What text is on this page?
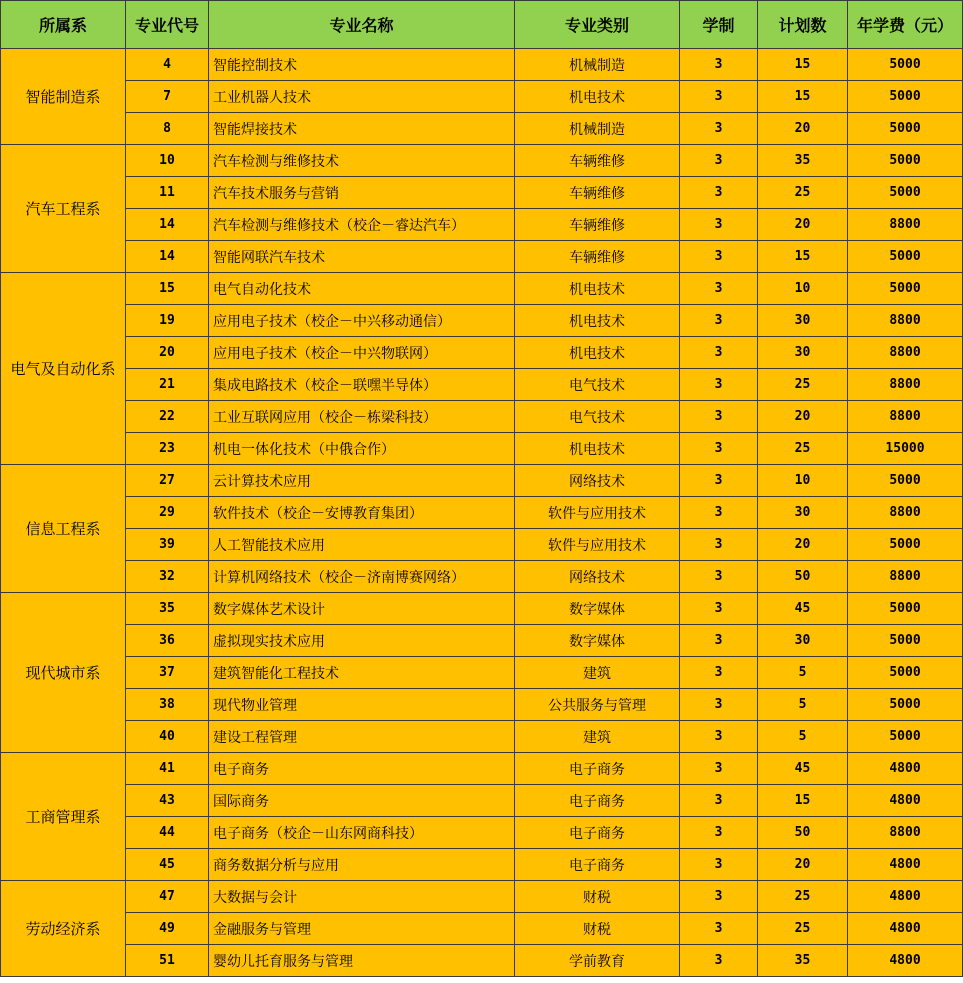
所属系	专业代号	专业名称	专业类别	学制	计划数	年学费（元）
智能制造系	4	智能控制技术	机械制造	3	15	5000
	7	工业机器人技术	机电技术	3	15	5000
	8	智能焊接技术	机械制造	3	20	5000
汽车工程系	10	汽车检测与维修技术	车辆维修	3	35	5000
	11	汽车技术服务与营销	车辆维修	3	25	5000
	14	汽车检测与维修技术（校企－睿达汽车）	车辆维修	3	20	8800
	14	智能网联汽车技术	车辆维修	3	15	5000
电气及自动化系	15	电气自动化技术	机电技术	3	10	5000
	19	应用电子技术（校企－中兴移动通信）	机电技术	3	30	8800
	20	应用电子技术（校企－中兴物联网）	机电技术	3	30	8800
	21	集成电路技术（校企－联嘿半导体）	电气技术	3	25	8800
	22	工业互联网应用（校企－栋梁科技）	电气技术	3	20	8800
	23	机电一体化技术（中俄合作）	机电技术	3	25	15000
信息工程系	27	云计算技术应用	网络技术	3	10	5000
	29	软件技术（校企－安博教育集团）	软件与应用技术	3	30	8800
	39	人工智能技术应用	软件与应用技术	3	20	5000
	32	计算机网络技术（校企－济南博赛网络）	网络技术	3	50	8800
现代城市系	35	数字媒体艺术设计	数字媒体	3	45	5000
	36	虚拟现实技术应用	数字媒体	3	30	5000
	37	建筑智能化工程技术	建筑	3	5	5000
	38	现代物业管理	公共服务与管理	3	5	5000
	40	建设工程管理	建筑	3	5	5000
工商管理系	41	电子商务	电子商务	3	45	4800
	43	国际商务	电子商务	3	15	4800
	44	电子商务（校企－山东网商科技）	电子商务	3	50	8800
	45	商务数据分析与应用	电子商务	3	20	4800
劳动经济系	47	大数据与会计	财税	3	25	4800
	49	金融服务与管理	财税	3	25	4800
	51	婴幼儿托育服务与管理	学前教育	3	35	4800
